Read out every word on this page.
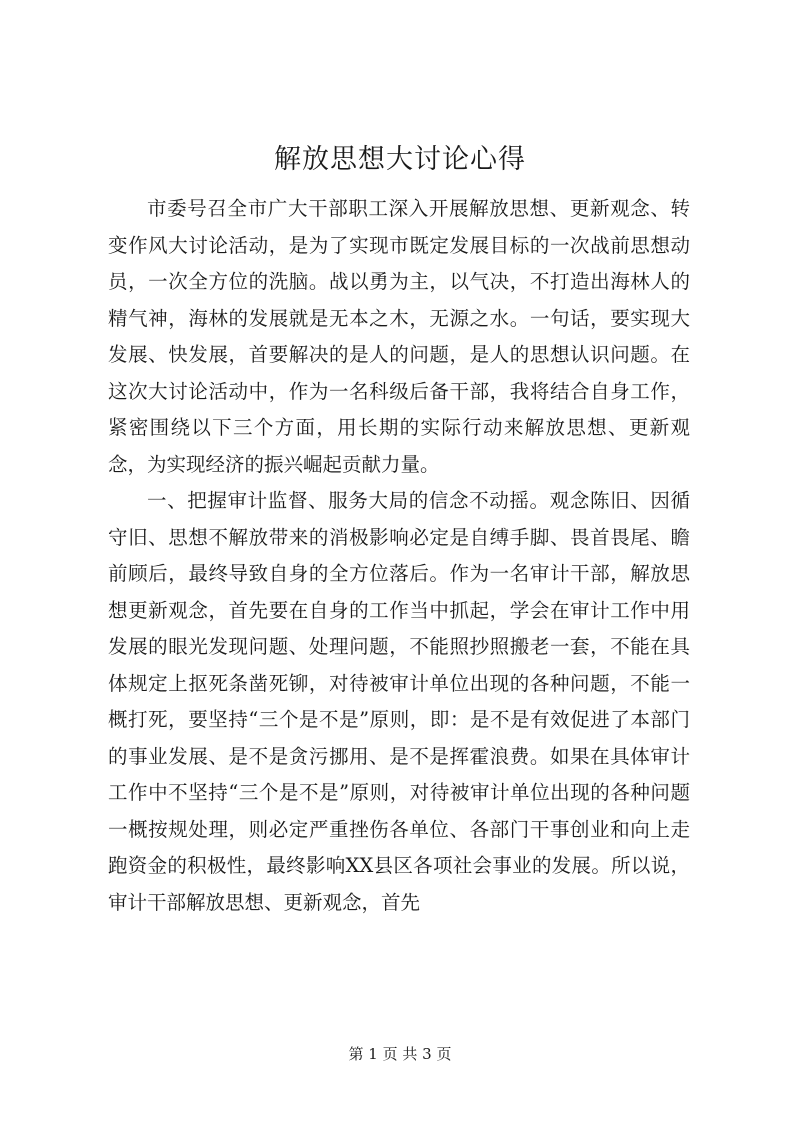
解放思想大讨论心得

市委号召全市广大干部职工深入开展解放思想、更新观念、转变作风大讨论活动，是为了实现市既定发展目标的一次战前思想动员，一次全方位的洗脑。战以勇为主，以气决，不打造出海林人的精气神，海林的发展就是无本之木，无源之水。一句话，要实现大发展、快发展，首要解决的是人的问题，是人的思想认识问题。在这次大讨论活动中，作为一名科级后备干部，我将结合自身工作，紧密围绕以下三个方面，用长期的实际行动来解放思想、更新观念，为实现经济的振兴崛起贡献力量。

一、把握审计监督、服务大局的信念不动摇。观念陈旧、因循守旧、思想不解放带来的消极影响必定是自缚手脚、畏首畏尾、瞻前顾后，最终导致自身的全方位落后。作为一名审计干部，解放思想更新观念，首先要在自身的工作当中抓起，学会在审计工作中用发展的眼光发现问题、处理问题，不能照抄照搬老一套，不能在具体规定上抠死条凿死铆，对待被审计单位出现的各种问题，不能一概打死，要坚持“三个是不是”原则，即：是不是有效促进了本部门的事业发展、是不是贪污挪用、是不是挥霍浪费。如果在具体审计工作中不坚持“三个是不是”原则，对待被审计单位出现的各种问题一概按规处理，则必定严重挫伤各单位、各部门干事创业和向上走跑资金的积极性，最终影响XX县区各项社会事业的发展。所以说，审计干部解放思想、更新观念，首先

第 1 页 共 3 页
